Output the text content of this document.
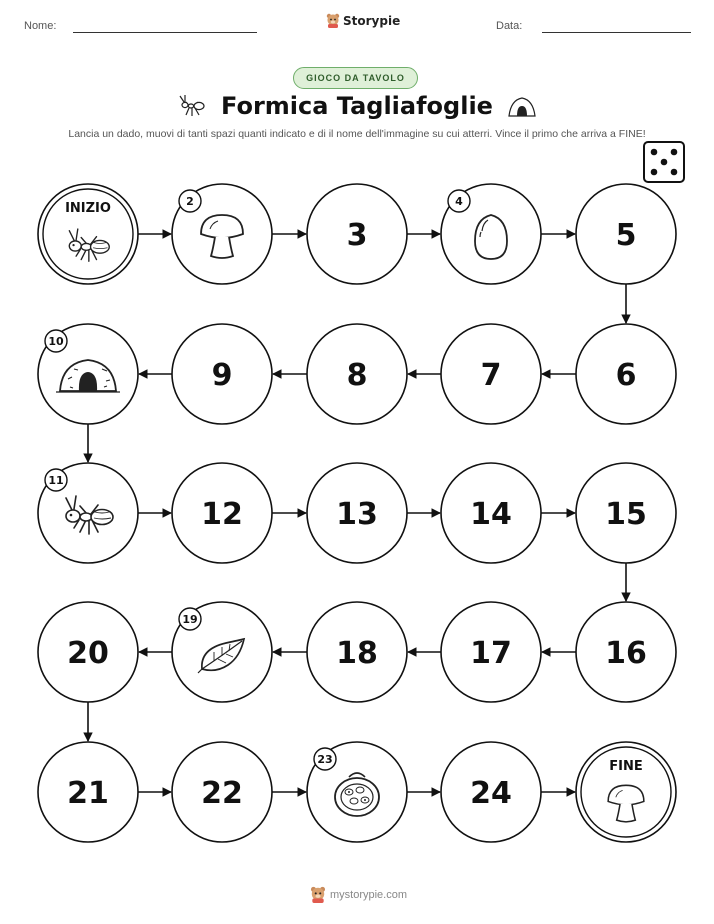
Nome:	Storypie	Data:
GIOCO DA TAVOLO
Formica Tagliafoglie
Lancia un dado, muovi di tanti spazi quanti indicato e di il nome dell'immagine su cui atterri. Vince il primo che arriva a FINE!
INIZIO	2
3
4
5
6
7
8
9
10
11
12	13	14	15
16
17
18
19
20
21	22
23
24
FINE
mystorypie.com
